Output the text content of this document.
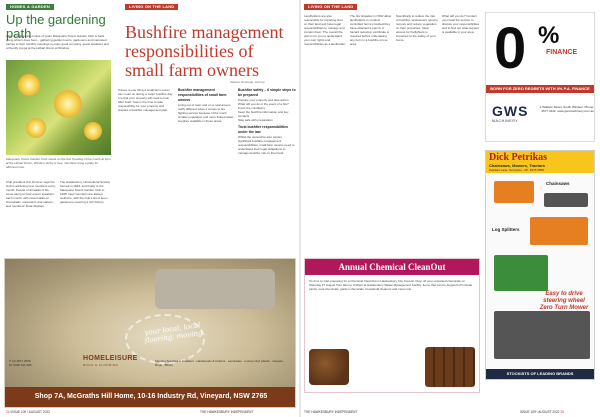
HOMES & GARDEN
Up the gardening path
After a challenging couple of years Macquarie Towns Garden Club is back doing what it does best – gathering garden lovers, gardeners and interested parties to their monthly meetings to enjoy good company, guest speakers and a friendly cuppa at the Hobart Room at Windsor.
Macquarie Towns Garden Club meets on the first Tuesday of the month at 1pm at the Hobart Room, Windsor. Entry is free, members bring a plate for afternoon tea.
Club president Ann Dimmer says the club is attracting new members every month. People of all walks of life come along to hear expert speakers each month, with recent talks on bromeliads, succulents and natives, and members' floral displays.
The Hawkesbury Horticultural Society formed in 1949, and finally to the Macquarie Towns Garden Club in 1968. New members are always welcome, with the club's list of keen gardeners covering a rich history.
LIVING ON THE LAND
Bushfire management responsibilities of small farm owners
(Steven Kennedy, source)
If there is one thing a small farm owner can count on during a major bushfire day it is that your property will need to look after itself. Now is the time to take responsibility for your property and prepare a bushfire management plan.
Bushfire management responsibilities of small farm owners
Living out of town and on a rural area is really different when it comes to fire fighting service because of the much smaller population and more limited water supplies available in those areas.
Bushfire safety – 6 simple steps to be prepared
Prepare your property and take action
What will you do in the event of a fire?
Know the conditions
Keep the bushfire information and key contacts
Stay safe with preparation
Trust bushfire responsibilities under the law
Whilst the ownership also carries significant bushfire management responsibilities, small farm owners need to understand their legal obligations to manage bushfire risk on their land.
your local, local flooring, moving
T: 02 4577 2508
M: 0418 121 086
HOMELEISURE
RUGS & FLOORING
Flooring Supplies & Installers · Hardwoods & timbers · Laminates · Luxury vinyl planks · Carpets · Rugs · Blinds
Shop 7A, McGraths Hill Home, 10-16 Industry Rd, Vineyard, NSW 2765
24 ISSUE 109 \ AUGUST 2022	THE HAWKESBURY INDEPENDENT
LIVING ON THE LAND
Landholders are also responsible for reporting fires on their land and have legal responsibilities to manage and contain them. The overall fire plan is for you to understand your own rights and responsibilities as a landholder.
The fire brigades in NSW allow landholders to conduct controlled burns provided they have obtained a permit. A hazard reduction certificate is required before undertaking any burn in a bushfire prone area.
Specifically to reduce the risk of bushfire, landowners need to remove and reduce vegetation on their properties. Clear access for firefighters is important to the safety of your home.
What will you do? Contact your local fire service to discuss your responsibilities and to find out what support is available in your area. 0 %
FINANCE
BORN FOR ZERO REGRETS WITH 0% P.A. FINANCE
GWS
MACHINERY
4 Wallace Street, South Windsor. Phone: 4577 4422. www.gwsmachinery.com.au
Dick Petrikas
Chainsaws, Mowers, Tractors
Petrikas Lane, Tennyson · Ph: 4576 5555
Chainsaws
Log Splitters
Easy to drive steering wheel Zero Turn Mower
STOCKISTS OF LEADING BRANDS
Annual Chemical CleanOut
It's time to start preparing for a Chemical CleanOut in Hawkesbury City Council. Drop off your unwanted chemicals on Saturday 27 August from 9am to 3:30pm at Hawkesbury Waste Management Facility. Items that can be dropped off include paints, pool chemicals, garden chemicals, household cleaners and motor oils.
THE HAWKESBURY INDEPENDENT	ISSUE 109 \ AUGUST 2022 25
